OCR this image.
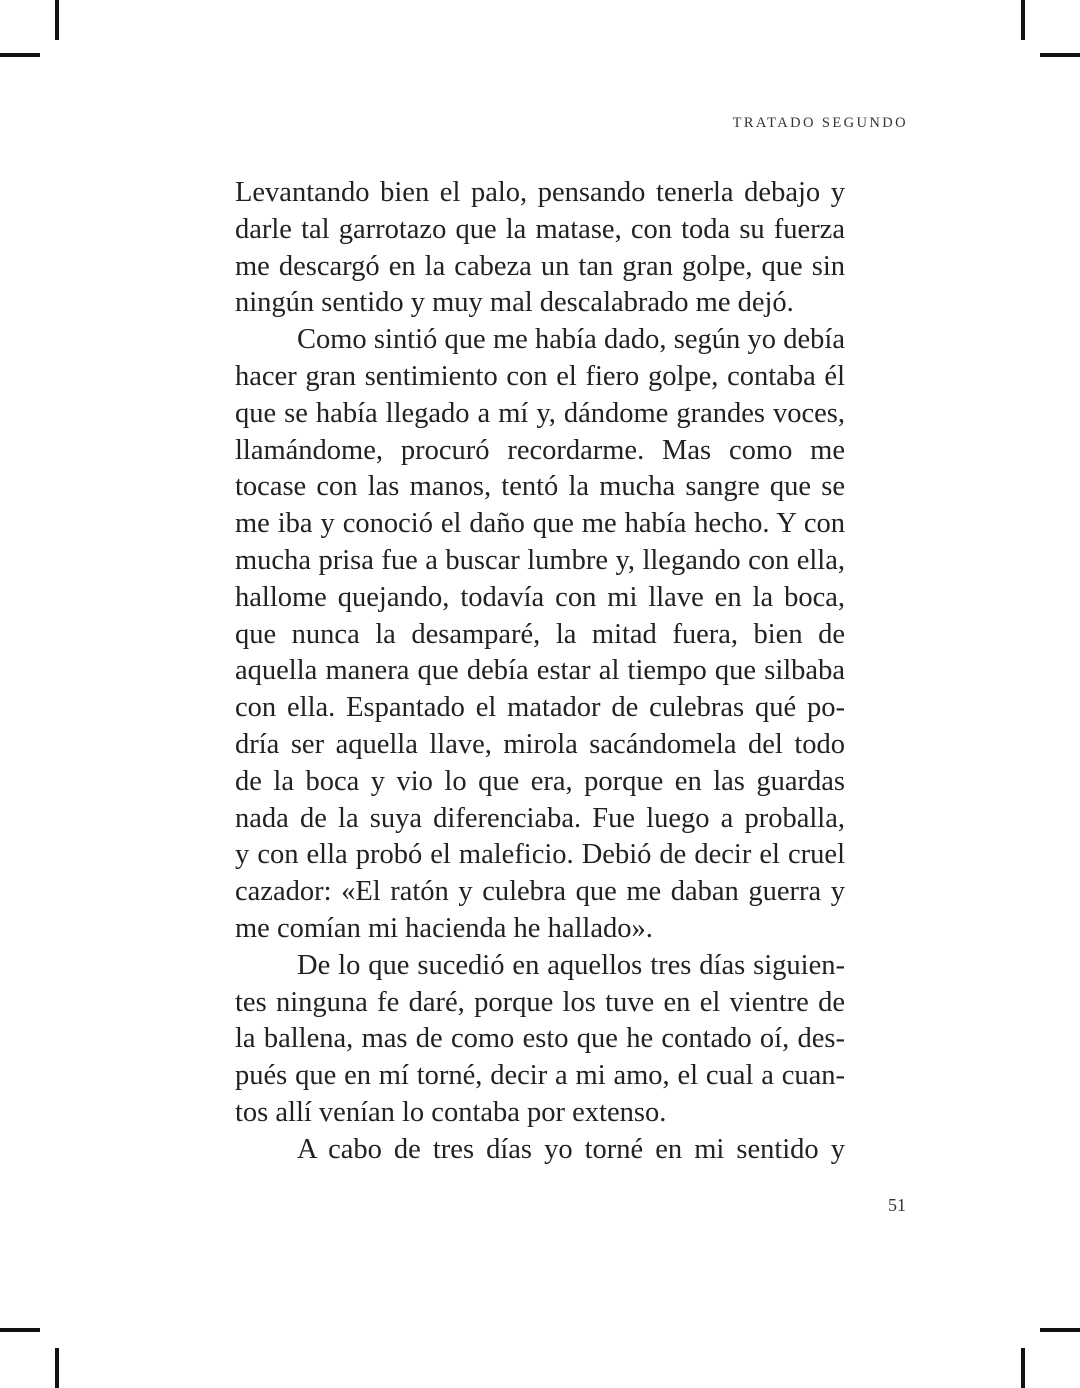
TRATADO SEGUNDO
Levantando bien el palo, pensando tenerla debajo y
darle tal garrotazo que la matase, con toda su fuerza
me descargó en la cabeza un tan gran golpe, que sin
ningún sentido y muy mal descalabrado me dejó.
Como sintió que me había dado, según yo debía
hacer gran sentimiento con el fiero golpe, contaba él
que se había llegado a mí y, dándome grandes voces,
llamándome, procuró recordarme. Mas como me
tocase con las manos, tentó la mucha sangre que se
me iba y conoció el daño que me había hecho. Y con
mucha prisa fue a buscar lumbre y, llegando con ella,
hallome quejando, todavía con mi llave en la boca,
que nunca la desamparé, la mitad fuera, bien de
aquella manera que debía estar al tiempo que silbaba
con ella. Espantado el matador de culebras qué po-
dría ser aquella llave, mirola sacándomela del todo
de la boca y vio lo que era, porque en las guardas
nada de la suya diferenciaba. Fue luego a proballa,
y con ella probó el maleficio. Debió de decir el cruel
cazador: «El ratón y culebra que me daban guerra y
me comían mi hacienda he hallado».
De lo que sucedió en aquellos tres días siguien-
tes ninguna fe daré, porque los tuve en el vientre de
la ballena, mas de como esto que he contado oí, des-
pués que en mí torné, decir a mi amo, el cual a cuan-
tos allí venían lo contaba por extenso.
A cabo de tres días yo torné en mi sentido y
51
